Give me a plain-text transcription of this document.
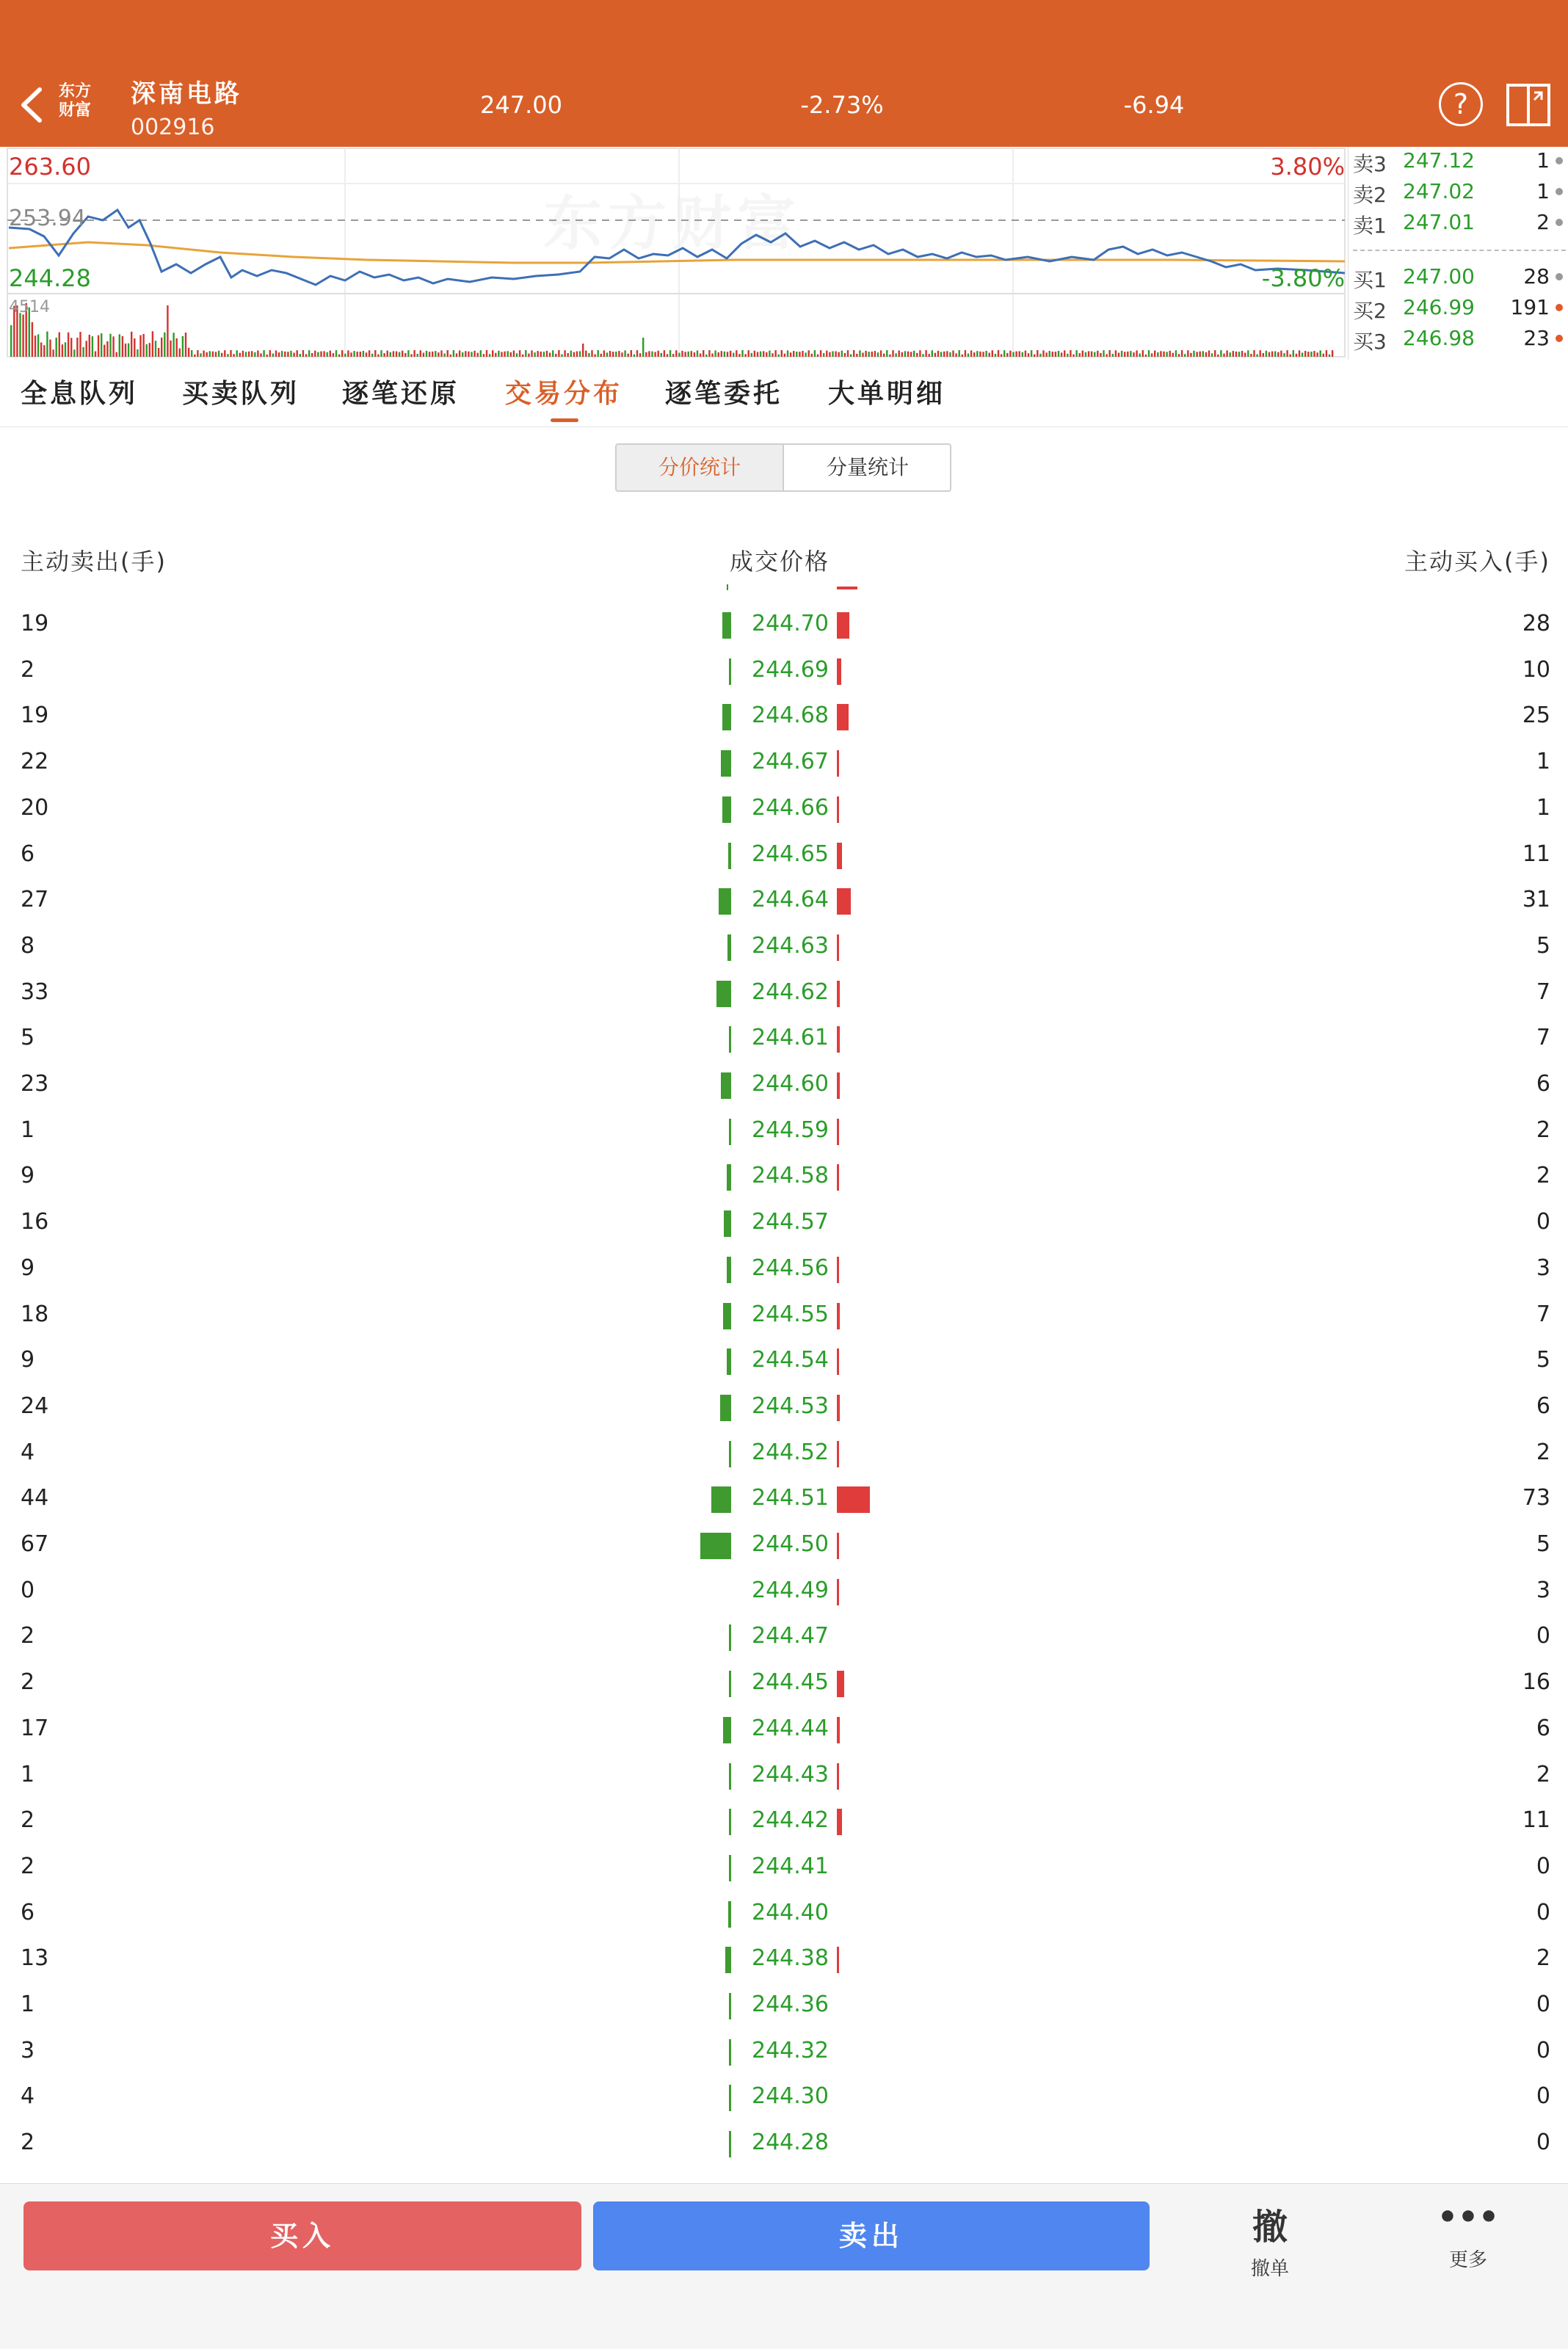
东方
财富
深南电路
002916
247.00	-2.73%	-6.94	?
263.60
253.94
244.28
3.80%
-3.80%
4514
卖3 247.12	1
卖2 247.02	1
卖1 247.01	2
买1 247.00 28
买2 246.99 191
买3 246.98 23
全息队列 买卖队列 逐笔还原 交易分布 逐笔委托 大单明细
分价统计	分量统计
主动卖出(手)	成交价格	主动买入(手)
19	244.70	28
2	244.69	10
19	244.68	25
22	244.67	1
20	244.66	1
6	244.65	11
27	244.64	31
8	244.63	5
33	244.62	7
5	244.61	7
23	244.60	6
1	244.59	2
9	244.58	2
16	244.57	0
9	244.56	3
18	244.55	7
9	244.54	5
24	244.53	6
4	244.52	2
44	244.51	73
67	244.50	5
0	244.49	3
2	244.47	0
2	244.45	16
17	244.44	6
1	244.43	2
2	244.42	11
2	244.41	0
6	244.40	0
13	244.38	2
1	244.36	0
3	244.32	0
4	244.30	0
2	244.28	0
买入	卖出	撤
撤单
•••
更多
